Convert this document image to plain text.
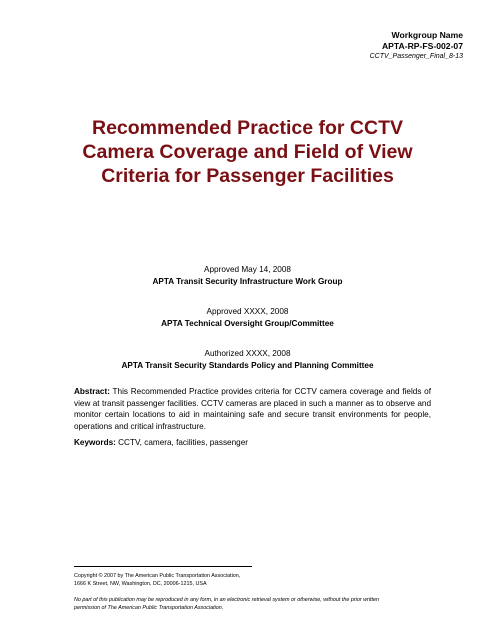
Workgroup Name
APTA-RP-FS-002-07
CCTV_Passenger_Final_8-13
Recommended Practice for CCTV
Camera Coverage and Field of View
Criteria for Passenger Facilities
Approved May 14, 2008
APTA Transit Security Infrastructure Work Group
Approved XXXX, 2008
APTA Technical Oversight Group/Committee
Authorized XXXX, 2008
APTA Transit Security Standards Policy and Planning Committee

Abstract: This Recommended Practice provides criteria for CCTV camera coverage and fields of view at transit passenger facilities. CCTV cameras are placed in such a manner as to observe and monitor certain locations to aid in maintaining safe and secure transit environments for people, operations and critical infrastructure.

Keywords: CCTV, camera, facilities, passenger

Copyright © 2007 by The American Public Transportation Association,
1666 K Street, NW, Washington, DC, 20006-1215, USA
No part of this publication may be reproduced in any form, in an electronic retrieval system or otherwise, without the prior written
permission of The American Public Transportation Association.
